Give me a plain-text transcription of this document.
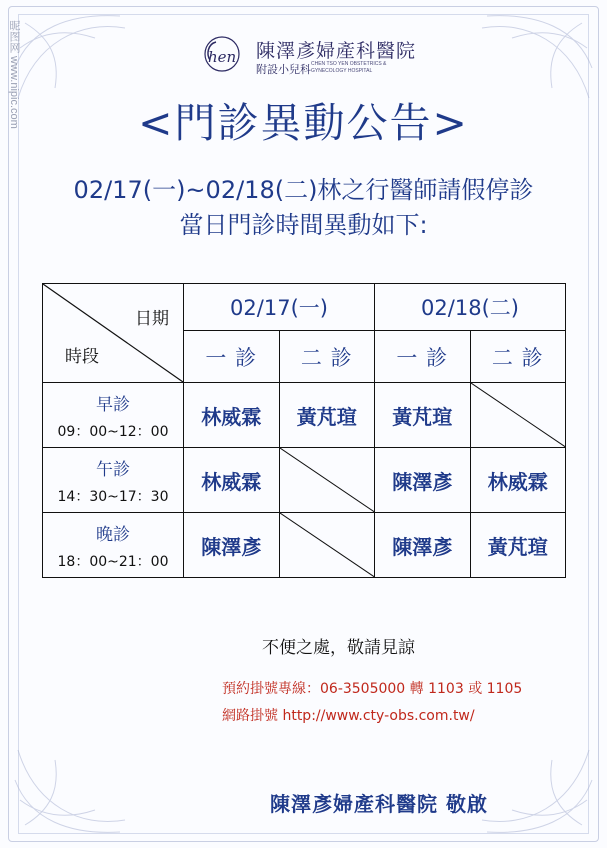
昵图网 www.nipic.com	hen 陳澤彥婦產科醫院
附設小兒科 CHEN TSO YEN OBSTETRICS & GYNECOLOGY HOSPITAL
<門診異動公告>
02/17(一)~02/18(二)林之行醫師請假停診
當日門診時間異動如下:
日期
時段	02/17(一)		02/18(二)	
	一 診	二 診	一 診	二 診

早診
09：00~12：00	林威霖	黃芃瑄	黃芃瑄	

午診
14：30~17：30	林威霖		陳澤彥	林威霖

晚診
18：00~21：00	陳澤彥		陳澤彥	黃芃瑄
不便之處，敬請見諒
預約掛號專線：06-3505000 轉 1103 或 1105
網路掛號 http://www.cty-obs.com.tw/
陳澤彥婦產科醫院 敬啟
